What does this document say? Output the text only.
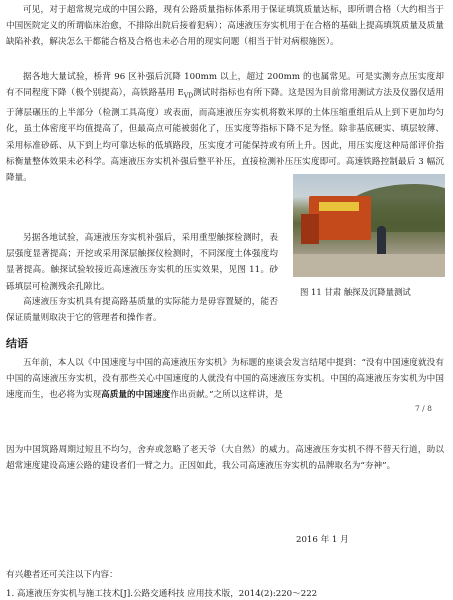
可见，对于超常规完成的中国公路，现有公路质量指标体系用于保证填筑质量达标，即所谓合格（大约相当于中国医院定义的所谓临床治愈，不排除出院后接着犯病）；高速液压夯实机用于在合格的基础上提高填筑质量及质量缺陷补救，解决怎么干都能合格及合格也未必合用的现实问题（相当于针对病根施医）。

据各地大量试验，桥背 96 区补强后沉降 100mm 以上，超过 200mm 的也属常见。可是实测夯点压实度却有不同程度下降（极个别提高），高铁路基用 $E_{VD}$测试时指标也有所下降。这是因为目前常用测试方法及仪器仅适用于薄层碾压的上半部分（检测工具高度）或表面，而高速液压夯实机将数米厚的土体压缩重组后从上到下更加均匀化，虽土体密度平均值提高了，但最高点可能被弱化了，压实度等指标下降不足为怪。除非基底硬实、填层较薄、采用标准砂砾、从下到上均可靠达标的低填路段，压实度才可能保持或有所上升。因此，用压实度这种局部评价指标衡量整体效果未必科学。高速液压夯实机补强后整平补压，直接检测补压压实度即可。高速铁路控制最后 3 幅沉降量。

另据各地试验，高速液压夯实机补强后，采用重型触探检测时，表层强度显著提高；开挖或采用深层触探仪检测时，不同深度土体强度均显著提高。触探试验较接近高速液压夯实机的压实效果，见图 11。砂砾填层可检测残余孔隙比。

高速液压夯实机具有提高路基质量的实际能力是毋容置疑的，能否保证质量则取决于它的管理者和操作者。

图 11 甘肃 触探及沉降量测试

结语

五年前，本人以《中国速度与中国的高速液压夯实机》为标题的座谈会发言结尾中提到：“没有中国速度就没有中国的高速液压夯实机，没有那些关心中国速度的人就没有中国的高速液压夯实机。中国的高速液压夯实机为中国速度而生，也必将为实现高质量的中国速度作出贡献。”之所以这样讲，是

7 / 8

因为中国筑路周期过短且不均匀，舍弃或忽略了老天爷（大自然）的威力。高速液压夯实机不得不替天行道，助以超常速度建设高速公路的建设者们一臂之力。正因如此，我公司高速液压夯实机的品牌取名为“夯神”。

2016 年 1 月

有兴趣者还可关注以下内容：

1. 高速液压夯实机与施工技术[J].公路交通科技 应用技术版，2014(2):220～222
